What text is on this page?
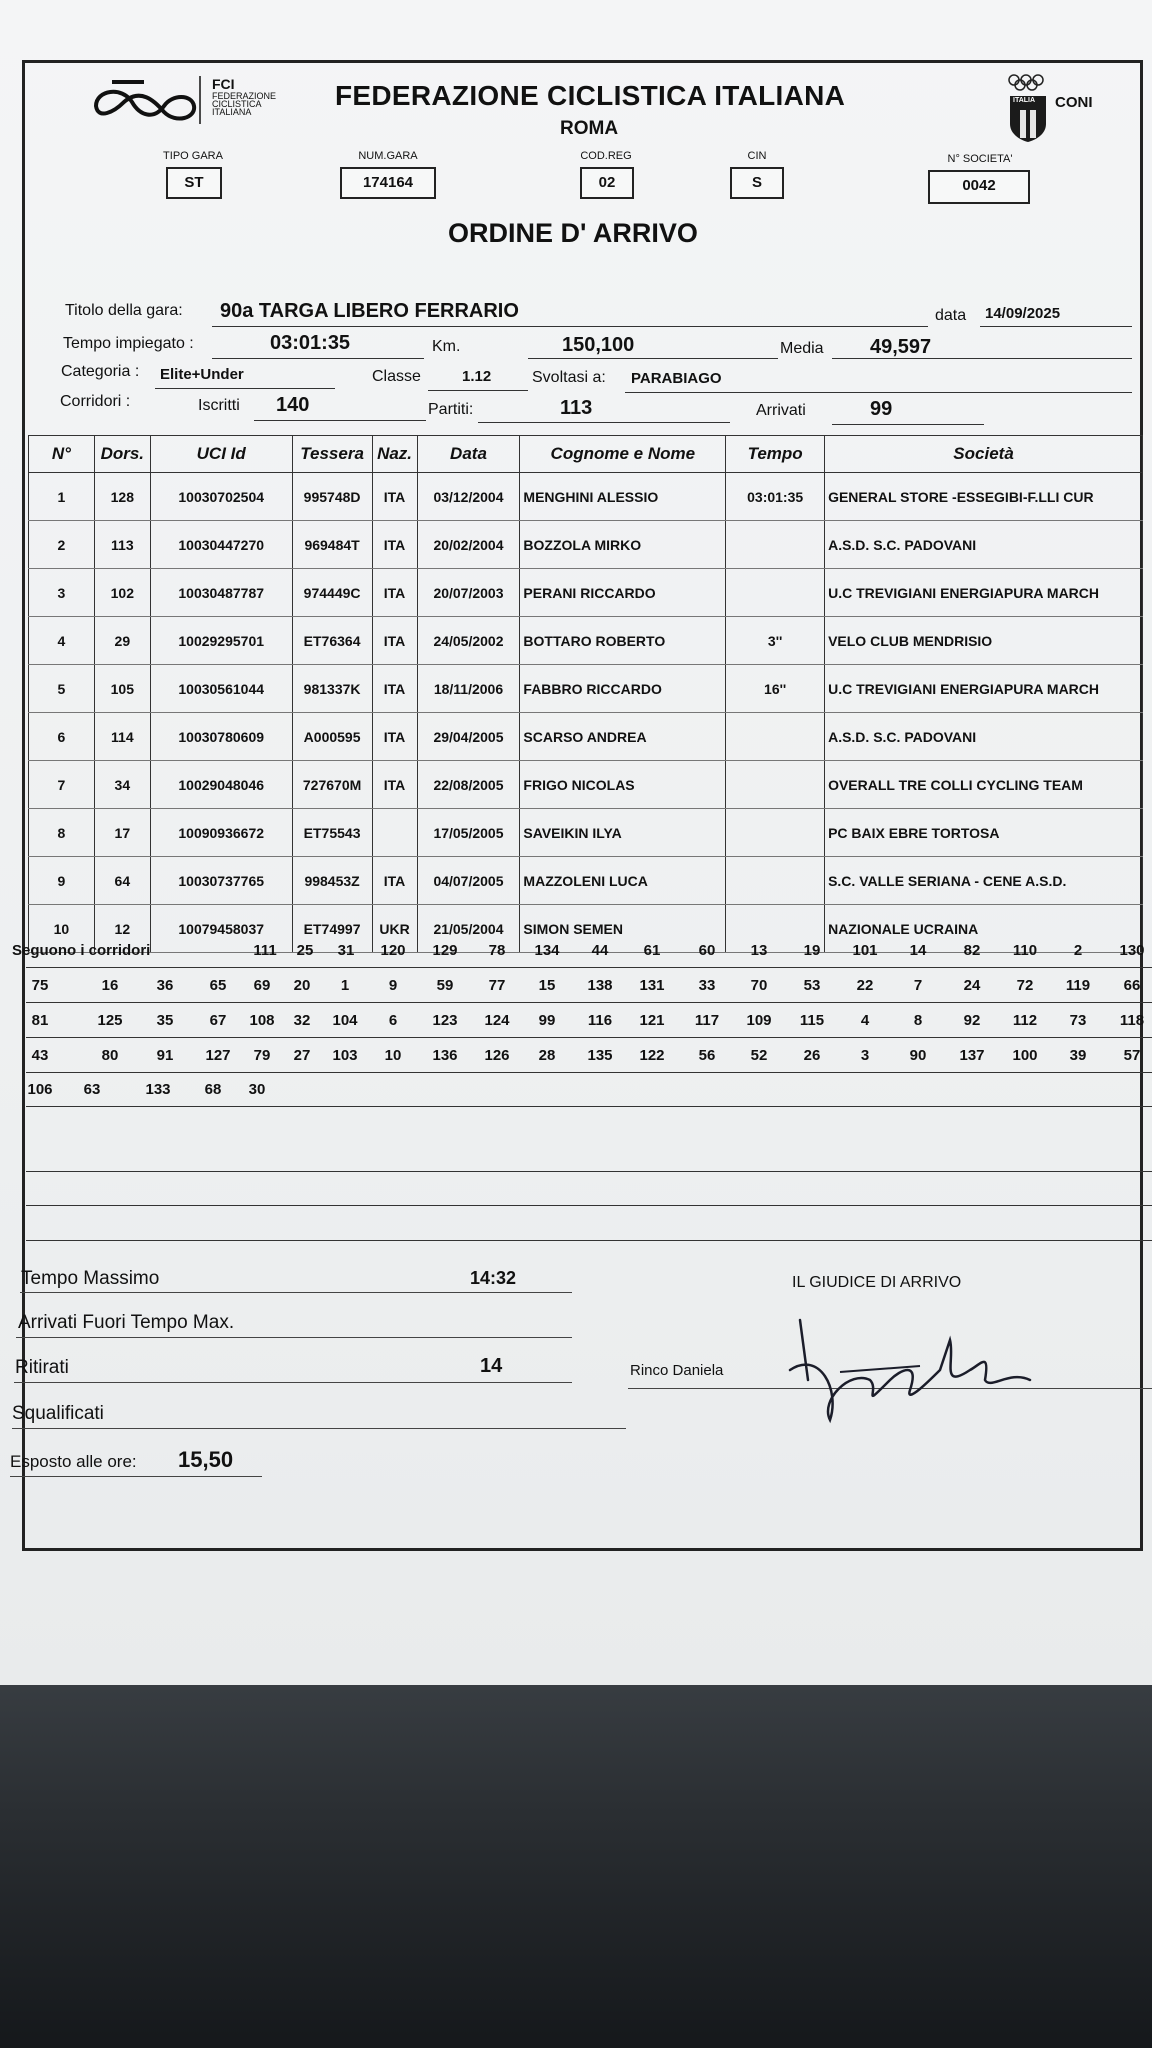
FCI
FEDERAZIONE
CICLISTICA
ITALIANA
FEDERAZIONE CICLISTICA ITALIANA
ROMA
ITALIA CONI
TIPO GARA
ST
NUM.GARA
174164
COD.REG
02
CIN
S
N° SOCIETA'
0042
ORDINE D' ARRIVO
Titolo della gara: 90a TARGA LIBERO FERRARIO	data 14/09/2025
Tempo impiegato :	03:01:35	Km.	150,100	Media 49,597
Categoria : Elite+Under	Classe	1.12	Svoltasi a: PARABIAGO
Corridori :	Iscritti 140	Partiti:	113	Arrivati	99
N°	Dors.	UCI Id	Tessera	Naz.	Data	Cognome e Nome	Tempo	Società
1	128	10030702504	995748D	ITA	03/12/2004	MENGHINI ALESSIO	03:01:35	GENERAL STORE -ESSEGIBI-F.LLI CUR
2	113	10030447270	969484T	ITA	20/02/2004	BOZZOLA MIRKO		A.S.D. S.C. PADOVANI
3	102	10030487787	974449C	ITA	20/07/2003	PERANI RICCARDO		U.C TREVIGIANI ENERGIAPURA MARCH
4	29	10029295701	ET76364	ITA	24/05/2002	BOTTARO ROBERTO	3''	VELO CLUB MENDRISIO
5	105	10030561044	981337K	ITA	18/11/2006	FABBRO RICCARDO	16''	U.C TREVIGIANI ENERGIAPURA MARCH
6	114	10030780609	A000595	ITA	29/04/2005	SCARSO ANDREA		A.S.D. S.C. PADOVANI
7	34	10029048046	727670M	ITA	22/08/2005	FRIGO NICOLAS		OVERALL TRE COLLI CYCLING TEAM
8	17	10090936672	ET75543		17/05/2005	SAVEIKIN ILYA		PC BAIX EBRE TORTOSA
9	64	10030737765	998453Z	ITA	04/07/2005	MAZZOLENI LUCA		S.C. VALLE SERIANA - CENE A.S.D.
10	12	10079458037	ET74997	UKR	21/05/2004	SIMON SEMEN		NAZIONALE UCRAINA
111	25	31	120	129	78	134	44	61	60	13	19	101	14	82	110	2	130
75	16	36	65	69	20	1	9	59	77	15	138	131	33	70	53	22	7	24	72	119	66
81	125	35	67	108	32	104	6	123	124	99	116	121	117	109	115	4	8	92	112	73	118
43	80	91	127	79	27	103	10	136	126	28	135	122	56	52	26	3	90	137	100	39	57
106	63	133	68	30
Seguono i corridori
Tempo Massimo	14:32
Arrivati Fuori Tempo Max.
Ritirati	14
Squalificati
Esposto alle ore: 15,50
IL GIUDICE DI ARRIVO
Rinco Daniela
